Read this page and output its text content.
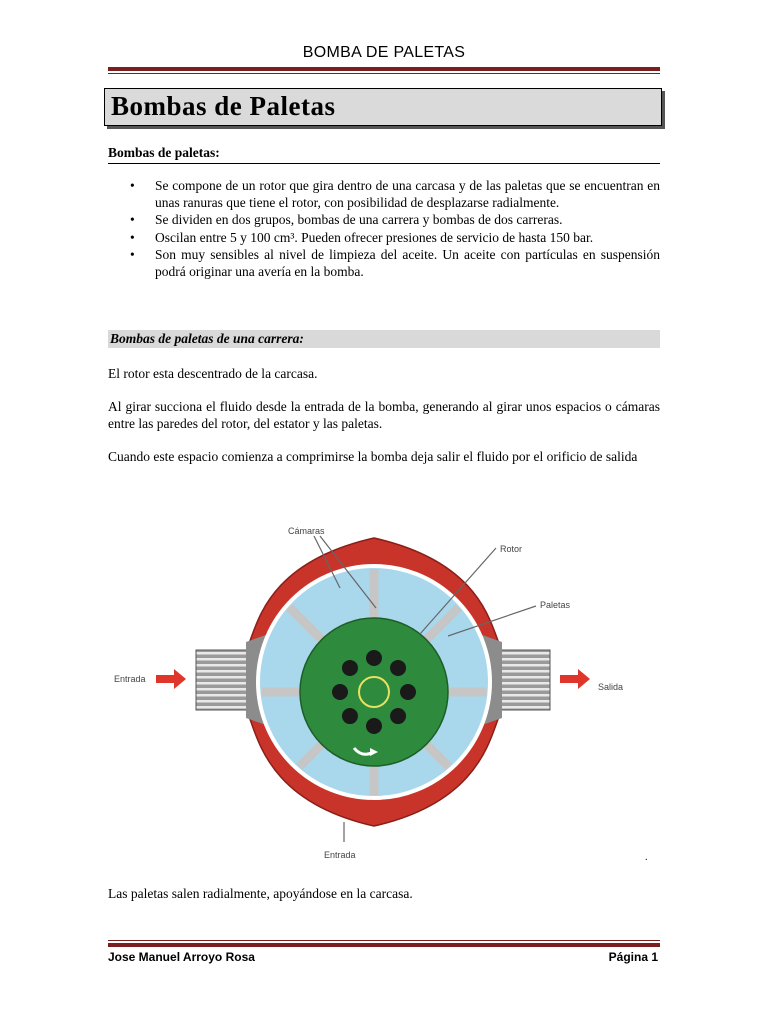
BOMBA DE PALETAS
Bombas de Paletas
Bombas de paletas:
• Se compone de un rotor que gira dentro de una carcasa y de las paletas que se encuentran en unas ranuras que tiene el rotor, con posibilidad de desplazarse radialmente.
• Se dividen en dos grupos, bombas de una carrera y bombas de dos carreras.
• Oscilan entre 5 y 100 cm³. Pueden ofrecer presiones de servicio de hasta 150 bar.
• Son muy sensibles al nivel de limpieza del aceite. Un aceite con partículas en suspensión podrá originar una avería en la bomba.
Bombas de paletas de una carrera:
El rotor esta descentrado de la carcasa.
Al girar succiona el fluido desde la entrada de la bomba, generando al girar unos espacios o cámaras entre las paredes del rotor, del estator y las paletas.
Cuando este espacio comienza a comprimirse la bomba deja salir el fluido por el orificio de salida
Cámaras
Rotor
Paletas
Entrada
Salida
Entrada	.
Las paletas salen radialmente, apoyándose en la carcasa.
Jose Manuel Arroyo Rosa	Página 1
